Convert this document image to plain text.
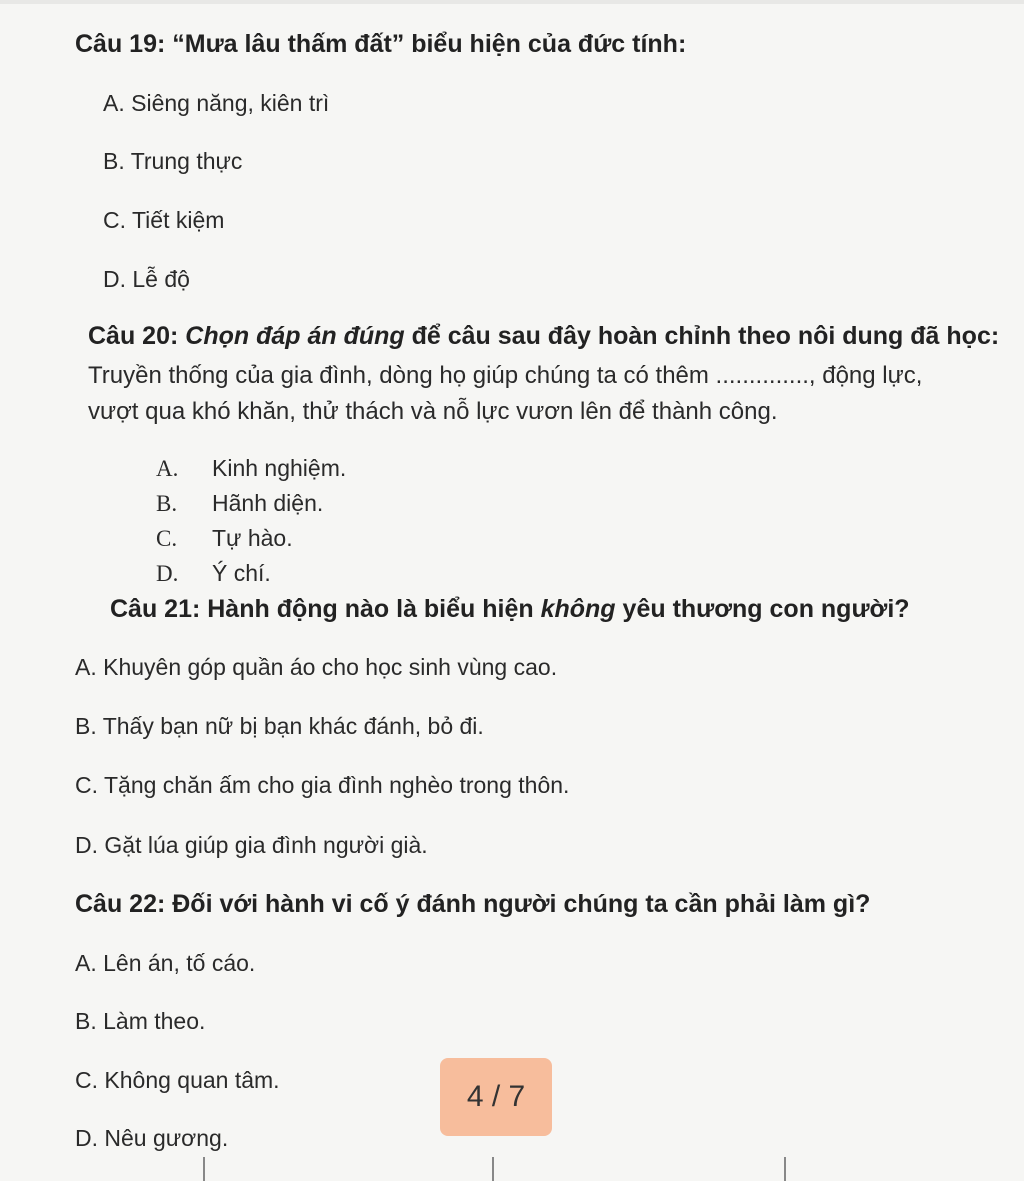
Câu 19: “Mưa lâu thấm đất” biểu hiện của đức tính:
A. Siêng năng, kiên trì
B. Trung thực
C. Tiết kiệm
D. Lễ độ
Câu 20: Chọn đáp án đúng để câu sau đây hoàn chỉnh theo nôi dung đã học:
Truyền thống của gia đình, dòng họ giúp chúng ta có thêm .............., động lực,
vượt qua khó khăn, thử thách và nỗ lực vươn lên để thành công.
A. Kinh nghiệm.
B. Hãnh diện.
C. Tự hào.
D. Ý chí.
Câu 21: Hành động nào là biểu hiện không yêu thương con người?
A. Khuyên góp quần áo cho học sinh vùng cao.
B. Thấy bạn nữ bị bạn khác đánh, bỏ đi.
C. Tặng chăn ấm cho gia đình nghèo trong thôn.
D. Gặt lúa giúp gia đình người già.
Câu 22: Đối với hành vi cố ý đánh người chúng ta cần phải làm gì?
A. Lên án, tố cáo.
B. Làm theo.
C. Không quan tâm.
D. Nêu gương.
4 / 7
